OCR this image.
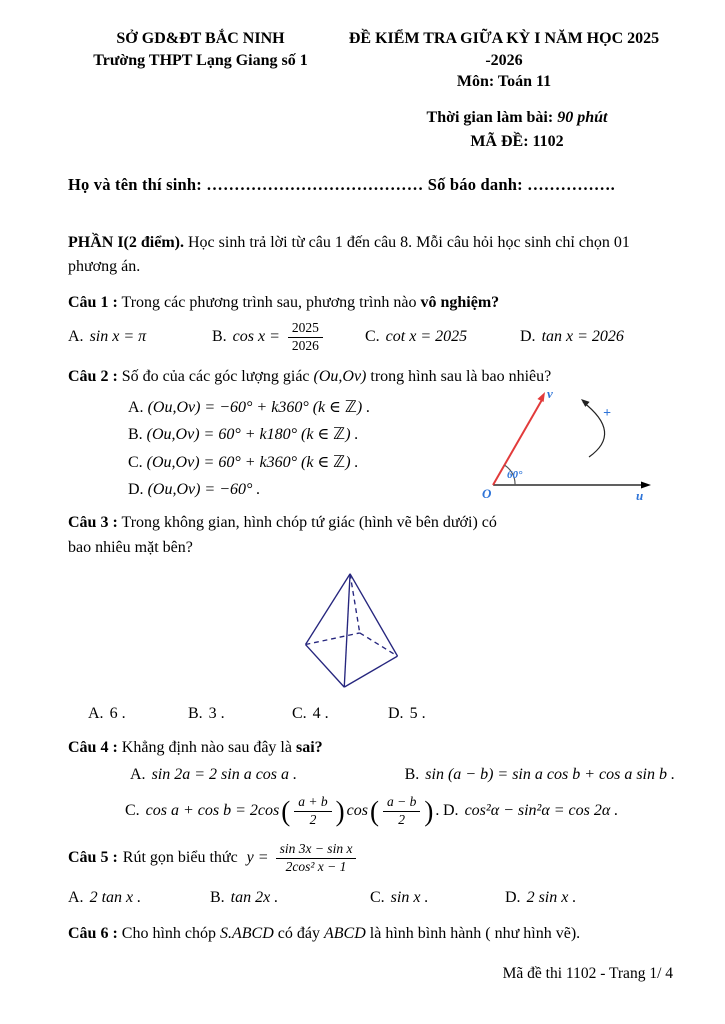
SỞ GD&ĐT BẮC NINH
Trường THPT Lạng Giang số 1
ĐỀ KIỂM TRA GIỮA KỲ I NĂM HỌC 2025 -2026
Môn: Toán 11
Thời gian làm bài: 90 phút
MÃ ĐỀ: 1102
Họ và tên thí sinh: ………………………………… Số báo danh: …………….

PHẦN I(2 điểm). Học sinh trả lời từ câu 1 đến câu 8. Mỗi câu hỏi học sinh chỉ chọn 01 phương án.

Câu 1 : Trong các phương trình sau, phương trình nào vô nghiệm?

A. sin x = π	B. $\cos x = \frac{2025}{2026}$	C. cot x = 2025	D. tan x = 2026

Câu 2 : Số đo của các góc lượng giác (Ou,Ov) trong hình sau là bao nhiêu?

A. (Ou,Ov) = −60° + k360° (k ∈ ℤ) .
B. (Ou,Ov) = 60° + k180° (k ∈ ℤ) .
C. (Ou,Ov) = 60° + k360° (k ∈ ℤ) .
D. (Ou,Ov) = −60° .
60°
+
O	u
v

Câu 3 : Trong không gian, hình chóp tứ giác (hình vẽ bên dưới) có bao nhiêu mặt bên?

A. 6 .	B. 3 .	C. 4 .	D. 5 .

Câu 4 : Khẳng định nào sau đây là sai?

A. sin 2a = 2 sin a cos a .	B. sin (a − b) = sin a cos b + cos a sin b .
C. cos a + cos b = 2cos ( $\frac{a + b}{2}$ ) cos ( $\frac{a - b}{2}$ ) . D. cos²α − sin²α = cos 2α .
Câu 5 : Rút gọn biểu thức $y = \frac{\text{sin 3x − sin x}}{\text{2cos² x − 1}}$
A. 2 tan x .	B. tan 2x .	C. sin x .	D. 2 sin x .

Câu 6 : Cho hình chóp S.ABCD có đáy ABCD là hình bình hành ( như hình vẽ).

Mã đề thi 1102 - Trang 1/ 4
